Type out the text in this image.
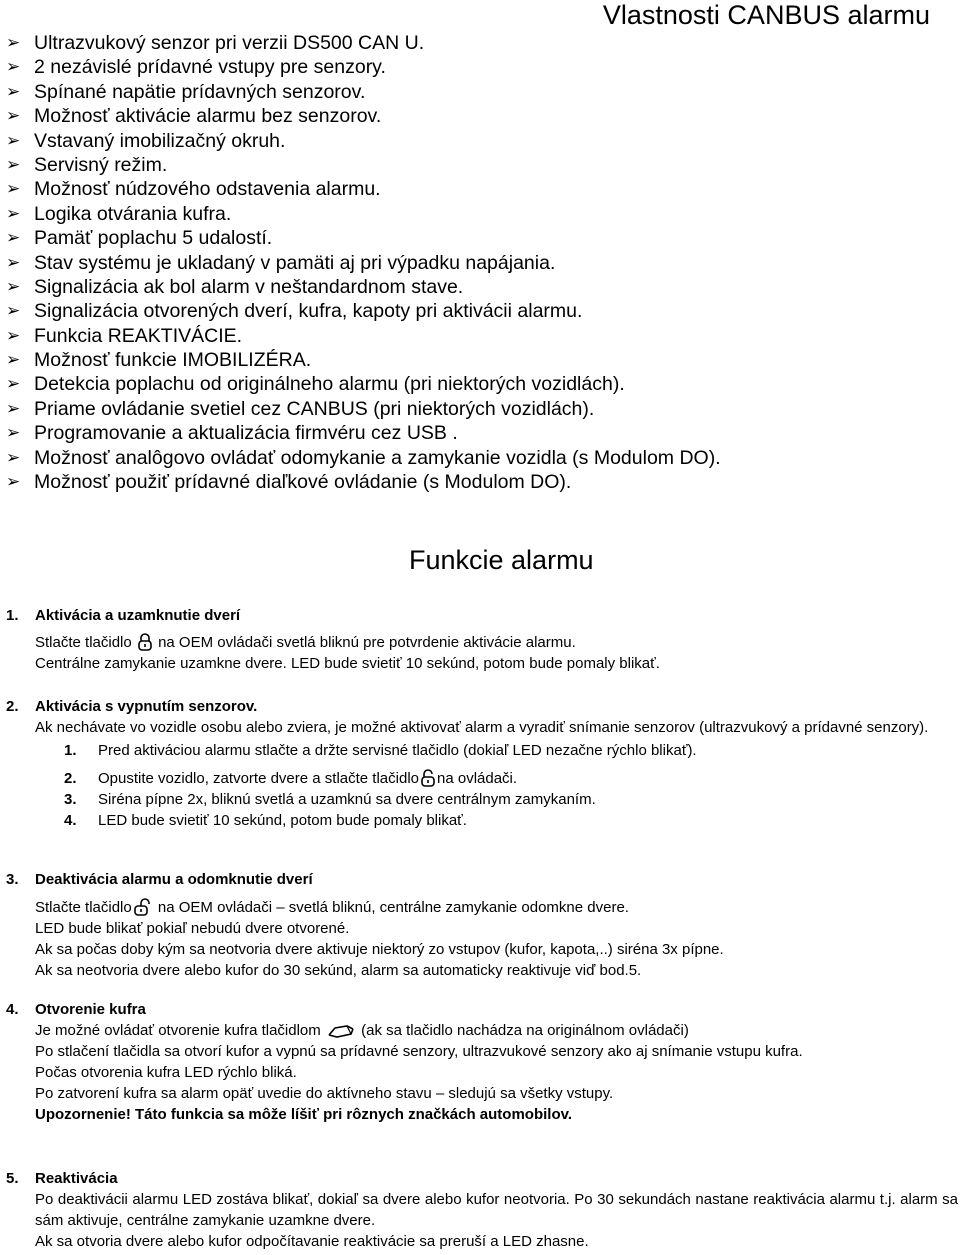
Vlastnosti CANBUS alarmu
➢ Ultrazvukový senzor pri verzii DS500 CAN U.
➢ 2 nezávislé prídavné vstupy pre senzory.
➢ Spínané napätie prídavných senzorov.
➢ Možnosť aktivácie alarmu bez senzorov.
➢ Vstavaný imobilizačný okruh.
➢ Servisný režim.
➢ Možnosť núdzového odstavenia alarmu.
➢ Logika otvárania kufra.
➢ Pamäť poplachu 5 udalostí.
➢ Stav systému je ukladaný v pamäti aj pri výpadku napájania.
➢ Signalizácia ak bol alarm v neštandardnom stave.
➢ Signalizácia otvorených dverí, kufra, kapoty pri aktivácii alarmu.
➢ Funkcia REAKTIVÁCIE.
➢ Možnosť funkcie IMOBILIZÉRA.
➢ Detekcia poplachu od originálneho alarmu (pri niektorých vozidlách).
➢ Priame ovládanie svetiel cez CANBUS (pri niektorých vozidlách).
➢ Programovanie a aktualizácia firmvéru cez USB .
➢ Možnosť analôgovo ovládať odomykanie a zamykanie vozidla (s Modulom DO).
➢ Možnosť použiť prídavné diaľkové ovládanie (s Modulom DO).
Funkcie alarmu
1. Aktivácia a uzamknutie dverí
Stlačte tlačidlo na OEM ovládači svetlá bliknú pre potvrdenie aktivácie alarmu.
Centrálne zamykanie uzamkne dvere. LED bude svietiť 10 sekúnd, potom bude pomaly blikať.
2. Aktivácia s vypnutím senzorov.
Ak nechávate vo vozidle osobu alebo zviera, je možné aktivovať alarm a vyradiť snímanie senzorov (ultrazvukový a prídavné senzory).
1.	Pred aktiváciou alarmu stlačte a držte servisné tlačidlo (dokiaľ LED nezačne rýchlo blikať).
2.	Opustite vozidlo, zatvorte dvere a stlačte tlačidlo na ovládači.
3.	Siréna pípne 2x, bliknú svetlá a uzamknú sa dvere centrálnym zamykaním.
4.	LED bude svietiť 10 sekúnd, potom bude pomaly blikať.
3. Deaktivácia alarmu a odomknutie dverí
Stlačte tlačidlo na OEM ovládači – svetlá bliknú, centrálne zamykanie odomkne dvere.
LED bude blikať pokiaľ nebudú dvere otvorené.
Ak sa počas doby kým sa neotvoria dvere aktivuje niektorý zo vstupov (kufor, kapota,..) siréna 3x pípne.
Ak sa neotvoria dvere alebo kufor do 30 sekúnd, alarm sa automaticky reaktivuje viď bod.5.
4. Otvorenie kufra
Je možné ovládať otvorenie kufra tlačidlom	(ak sa tlačidlo nachádza na originálnom ovládači)
Po stlačení tlačidla sa otvorí kufor a vypnú sa prídavné senzory, ultrazvukové senzory ako aj snímanie vstupu kufra.
Počas otvorenia kufra LED rýchlo bliká.
Po zatvorení kufra sa alarm opäť uvedie do aktívneho stavu – sledujú sa všetky vstupy.
Upozornenie! Táto funkcia sa môže líšiť pri rôznych značkách automobilov.
5. Reaktivácia
Po deaktivácii alarmu LED zostáva blikať, dokiaľ sa dvere alebo kufor neotvoria. Po 30 sekundách nastane reaktivácia alarmu t.j. alarm sa sám aktivuje, centrálne zamykanie uzamkne dvere.
Ak sa otvoria dvere alebo kufor odpočítavanie reaktivácie sa preruší a LED zhasne.
